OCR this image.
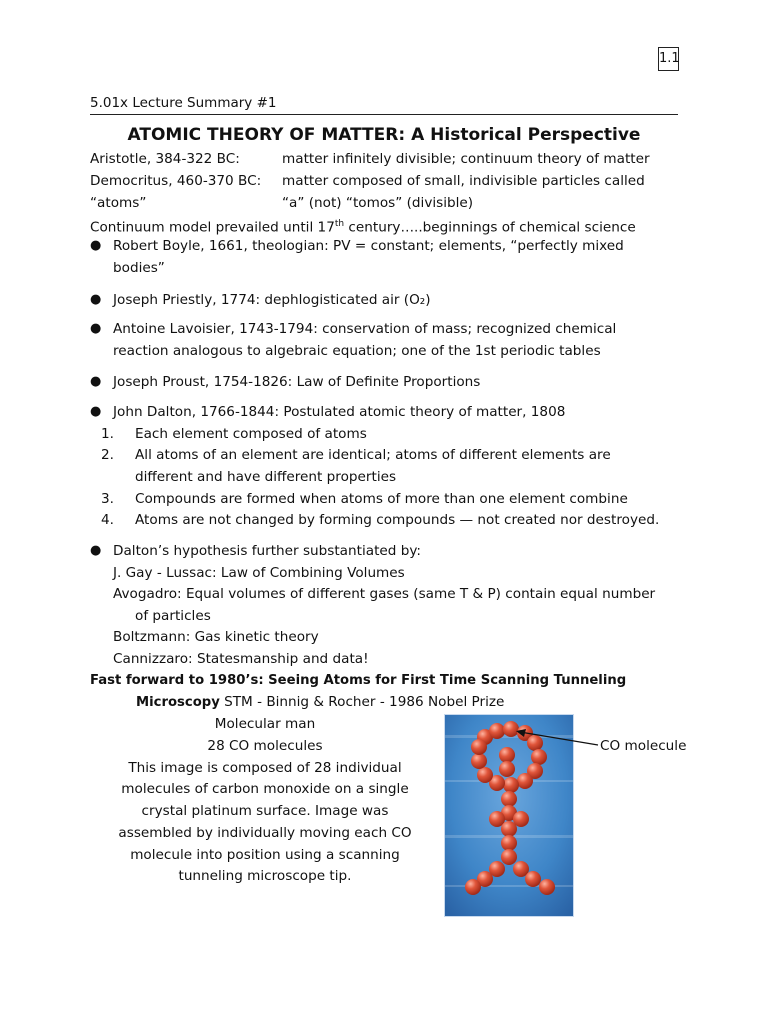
1.1
5.01x Lecture Summary #1
ATOMIC THEORY OF MATTER: A Historical Perspective
Aristotle, 384-322 BC:	matter infinitely divisible; continuum theory of matter
Democritus, 460-370 BC: matter composed of small, indivisible particles called
“atoms”	“a” (not) “tomos” (divisible)
Continuum model prevailed until 17th century…..beginnings of chemical science
● Robert Boyle, 1661, theologian: PV = constant; elements, “perfectly mixed
bodies”
● Joseph Priestly, 1774: dephlogisticated air (O₂)
● Antoine Lavoisier, 1743-1794: conservation of mass; recognized chemical
reaction analogous to algebraic equation; one of the 1st periodic tables
● Joseph Proust, 1754-1826: Law of Definite Proportions
● John Dalton, 1766-1844: Postulated atomic theory of matter, 1808
1. Each element composed of atoms
2. All atoms of an element are identical; atoms of different elements are
different and have different properties
3. Compounds are formed when atoms of more than one element combine
4. Atoms are not changed by forming compounds — not created nor destroyed.
● Dalton’s hypothesis further substantiated by:
J. Gay - Lussac: Law of Combining Volumes
Avogadro: Equal volumes of different gases (same T & P) contain equal number
of particles
Boltzmann: Gas kinetic theory
Cannizzaro: Statesmanship and data!
Fast forward to 1980’s: Seeing Atoms for First Time Scanning Tunneling
Microscopy STM - Binnig & Rocher - 1986 Nobel Prize
Molecular man
28 CO molecules
This image is composed of 28 individual
molecules of carbon monoxide on a single
crystal platinum surface. Image was
assembled by individually moving each CO
molecule into position using a scanning
tunneling microscope tip.
CO molecule
